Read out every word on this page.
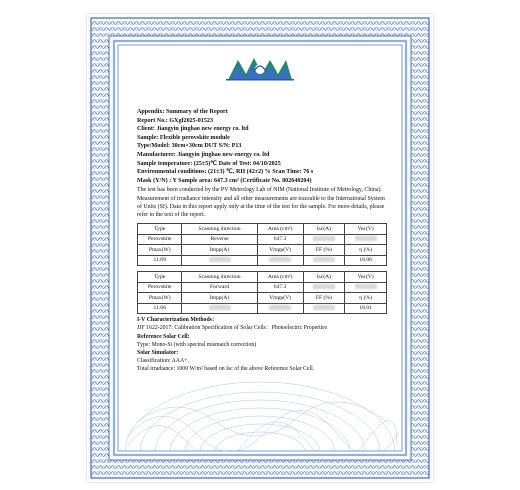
Appendix: Summary of the Report
Report No.: GXgf2025-01523
Client: Jiangyin jinghao new energy co. ltd
Sample: Flexible perovskite module
Type/Model: 30cm×30cm DUT S/N: P13
Manufacturer: Jiangyin jinghao new energy co. ltd
Sample temperature: (25±5)℃ Date of Test: 04/10/2025
Environmental conditions: (21±3) ℃, RH (42±2) % Scan Time: 76 s
Mask (Y/N) : Y Sample area: 647.3 cm² (Certificate No. 802640204)
The test has been conducted by the PV Metrology Lab of NIM (National Institute of Metrology, China). Measurement of irradiance intensity and all other measurements are traceable to the International System of Units (SI). Data in this report apply only at the time of the test for the sample. For more details, please refer to the text of the report.
Type	Scanning direction	Area (cm²)	Isc(A)	Voc(V)
Perovskite	Reverse	647.3		
Pmax(W)	Impp(A)	Vmpp(V)	FF (%)	η (%)
11.69				18.06
Type	Scanning direction	Area (cm²)	Isc(A)	Voc(V)
Perovskite	Forward	647.3		
Pmax(W)	Impp(A)	Vmpp(V)	FF (%)	η (%)
11.66				18.01
I-V Characterization Methods：
JJF 1622-2017: Calibration Specification of Solar Cells：Photoelectric Properties
Reference Solar Cell:
Type: Mono-Si (with spectral mismatch correction)
Solar Simulator:
Classification: AAA+,
Total irradiance: 1000 W/m² based on Isc of the above Reference Solar Cell.
